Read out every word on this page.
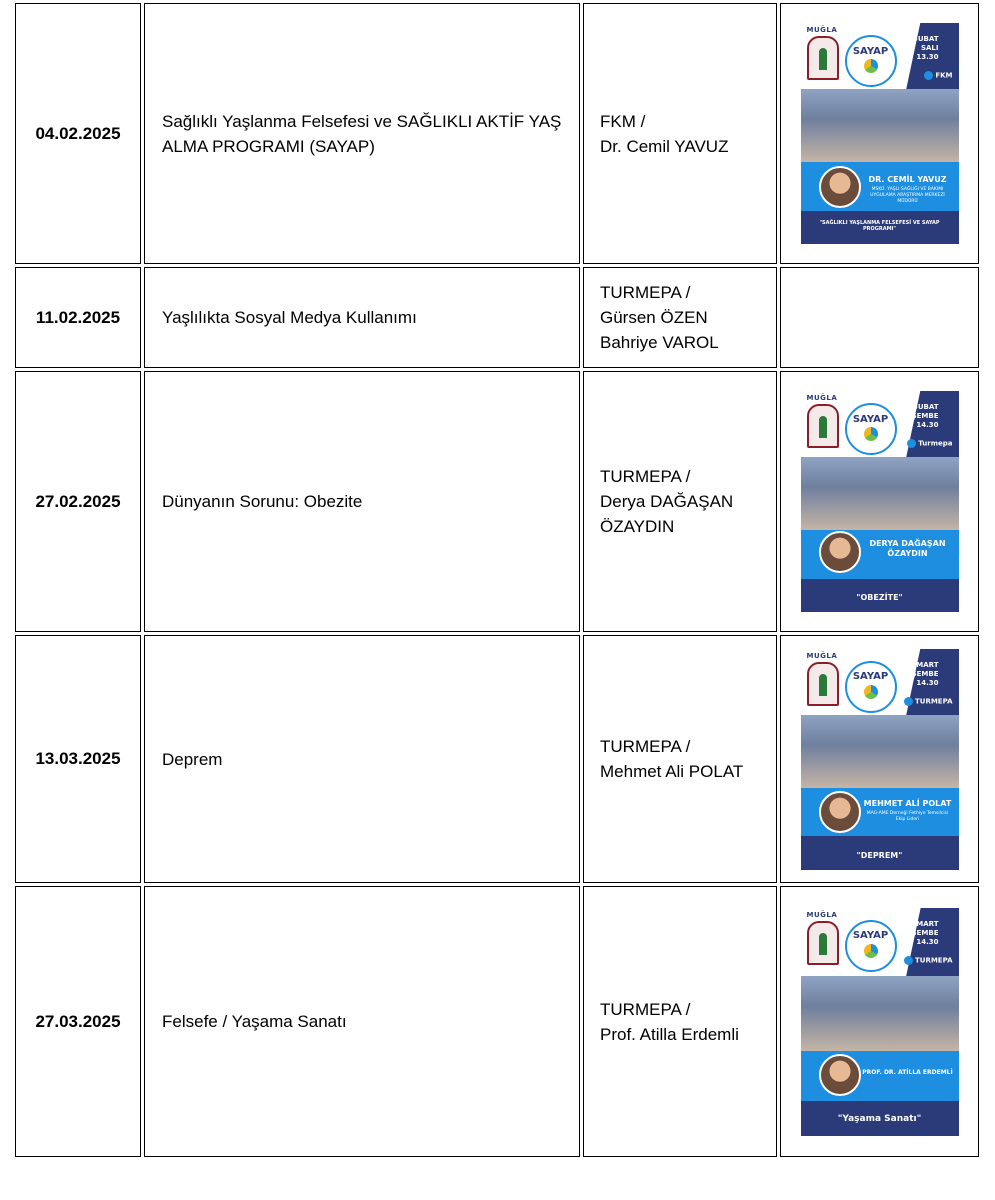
04.02.2025
Sağlıklı Yaşlanma Felsefesi ve SAĞLIKLI AKTİF YAŞ ALMA PROGRAMI (SAYAP)
FKM /
Dr. Cemil YAVUZ
MUĞLA
SAYAP
4 ŞUBAT
SALI
13.30
FKM
DR. CEMİL YAVUZ
MSKÜ. YAŞLI SAĞLIĞI VE BAKIMI
UYGULAMA ARAŞTIRMA MERKEZİ MÜDÜRÜ
"SAĞLIKLI YAŞLANMA FELSEFESİ VE SAYAP PROGRAMI"
11.02.2025 Yaşlılıkta Sosyal Medya Kullanımı
TURMEPA /
Gürsen ÖZEN
Bahriye VAROL
27.02.2025 Dünyanın Sorunu: Obezite
TURMEPA /
Derya DAĞAŞAN
ÖZAYDIN
MUĞLA
SAYAP
27 ŞUBAT
PERŞEMBE
14.30
Turmepa
DERYA DAĞAŞAN
ÖZAYDIN
"OBEZİTE"
13.03.2025 Deprem
TURMEPA /
Mehmet Ali POLAT
MUĞLA
SAYAP
13 MART
PERŞEMBE
14.30
TURMEPA
MEHMET ALİ POLAT
MAG-AME Derneği Fethiye Temsilcisi
Ekip Lideri
"DEPREM"
27.03.2025 Felsefe / Yaşama Sanatı
TURMEPA /
Prof. Atilla Erdemli
MUĞLA
SAYAP
27 MART
PERŞEMBE
14.30
TURMEPA
PROF. DR. ATİLLA ERDEMLİ
"Yaşama Sanatı"
